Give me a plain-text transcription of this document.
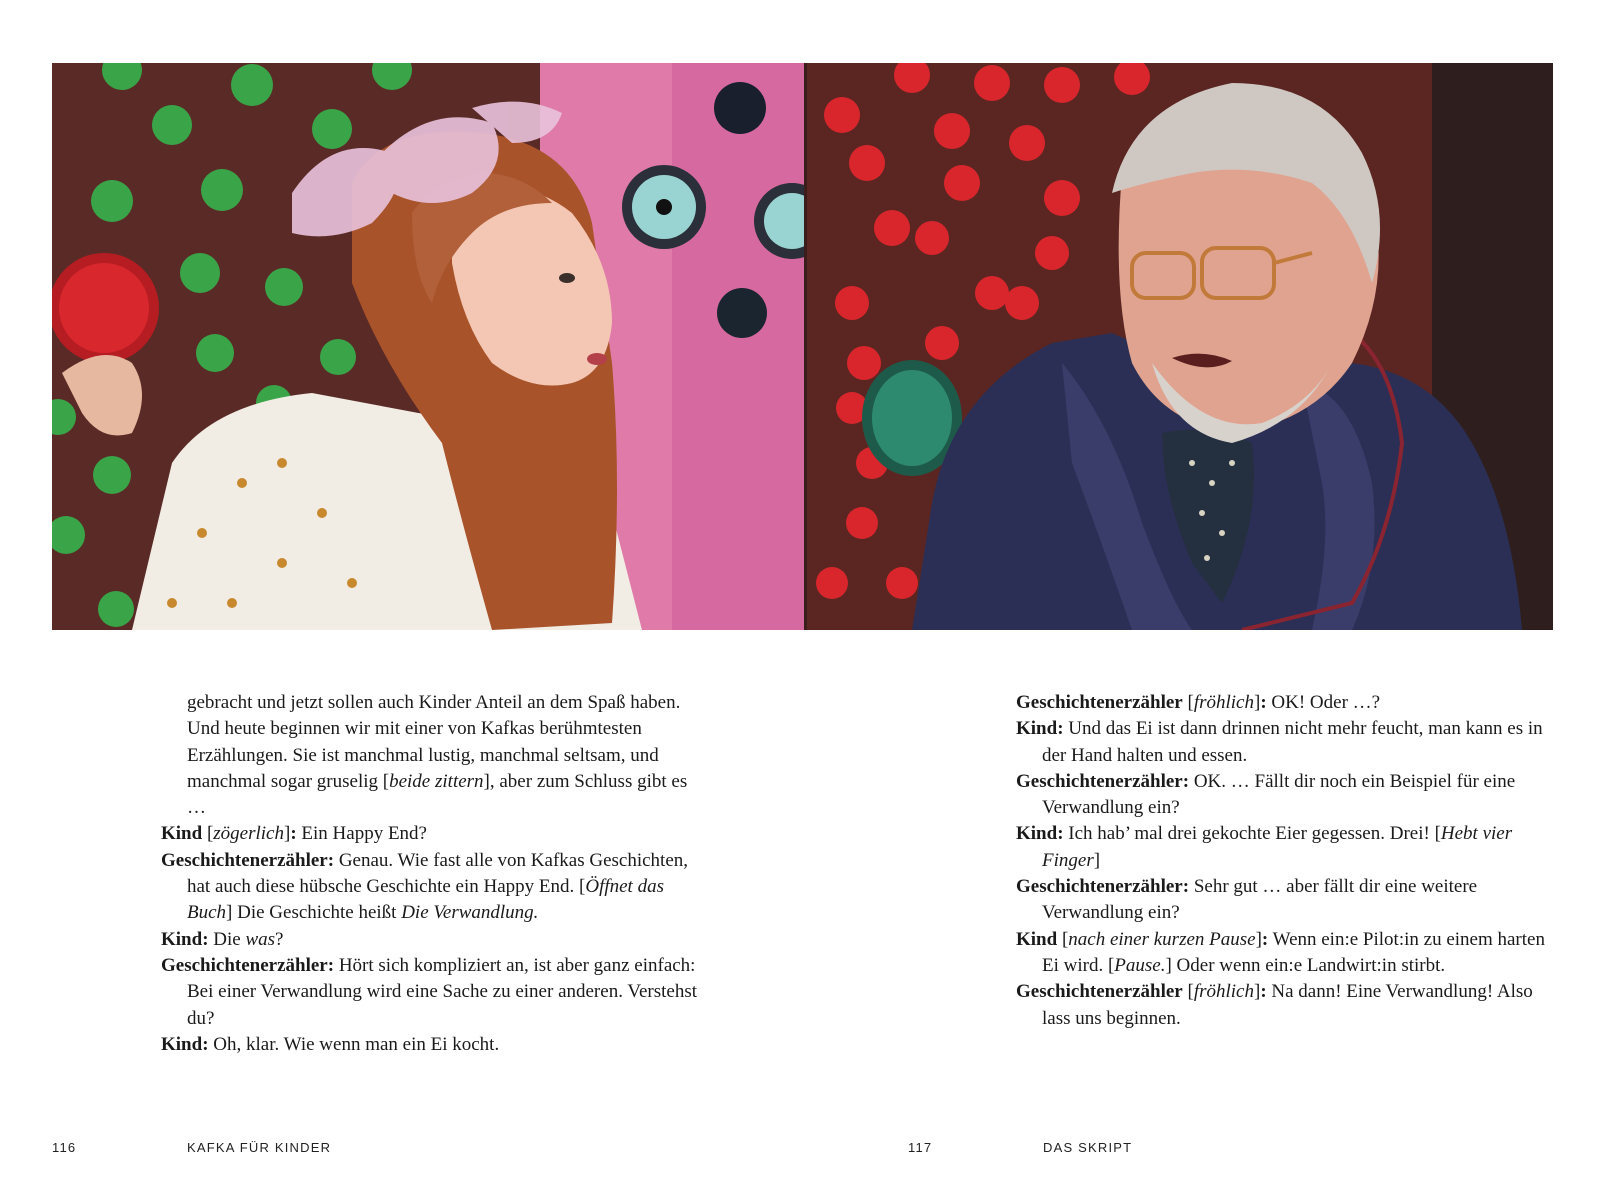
gebracht und jetzt sollen auch Kinder Anteil an dem Spaß haben. Und heute beginnen wir mit einer von Kafkas berühmtesten Erzählungen. Sie ist manchmal lustig, manchmal seltsam, und manchmal sogar gruselig [beide zittern], aber zum Schluss gibt es …

Kind [zögerlich]: Ein Happy End?

Geschichtenerzähler: Genau. Wie fast alle von Kafkas Geschichten, hat auch diese hübsche Geschichte ein Happy End. [Öffnet das Buch] Die Geschichte heißt Die Verwandlung.

Kind: Die was?

Geschichtenerzähler: Hört sich kompliziert an, ist aber ganz einfach: Bei einer Verwandlung wird eine Sache zu einer anderen. Verstehst du?

Kind: Oh, klar. Wie wenn man ein Ei kocht.

Geschichtenerzähler [fröhlich]: OK! Oder …?

Kind: Und das Ei ist dann drinnen nicht mehr feucht, man kann es in der Hand halten und essen.

Geschichtenerzähler: OK. … Fällt dir noch ein Beispiel für eine Verwandlung ein?

Kind: Ich hab’ mal drei gekochte Eier gegessen. Drei! [Hebt vier Finger]

Geschichtenerzähler: Sehr gut … aber fällt dir eine weitere Verwandlung ein?

Kind [nach einer kurzen Pause]: Wenn ein:e Pilot:in zu einem harten Ei wird. [Pause.] Oder wenn ein:e Landwirt:in stirbt.

Geschichtenerzähler [fröhlich]: Na dann! Eine Verwandlung! Also lass uns beginnen.

116	KAFKA FÜR KINDER	117	DAS SKRIPT
